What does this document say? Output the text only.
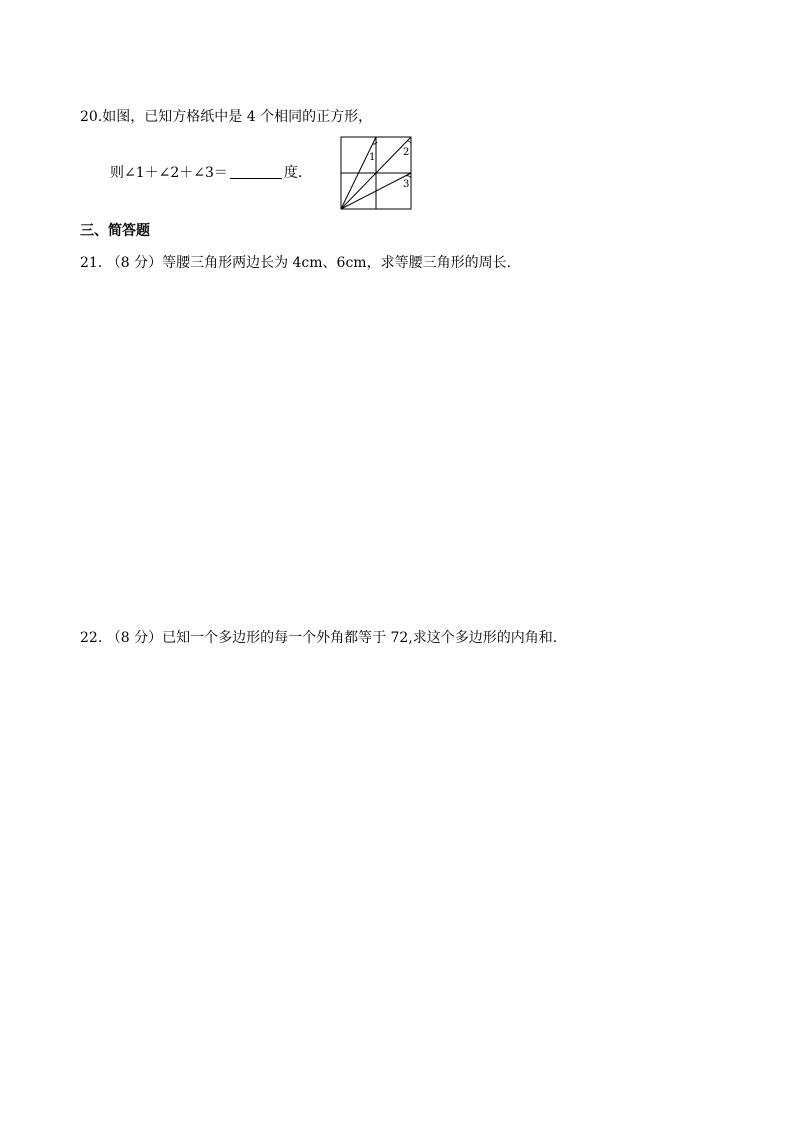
20.如图，已知方格纸中是 4 个相同的正方形，
则∠1＋∠2＋∠3＝	度.
1	2
3
三、简答题
21. （8 分）等腰三角形两边长为 4cm、6cm，求等腰三角形的周长.
22. （8 分）已知一个多边形的每一个外角都等于 72,求这个多边形的内角和.
